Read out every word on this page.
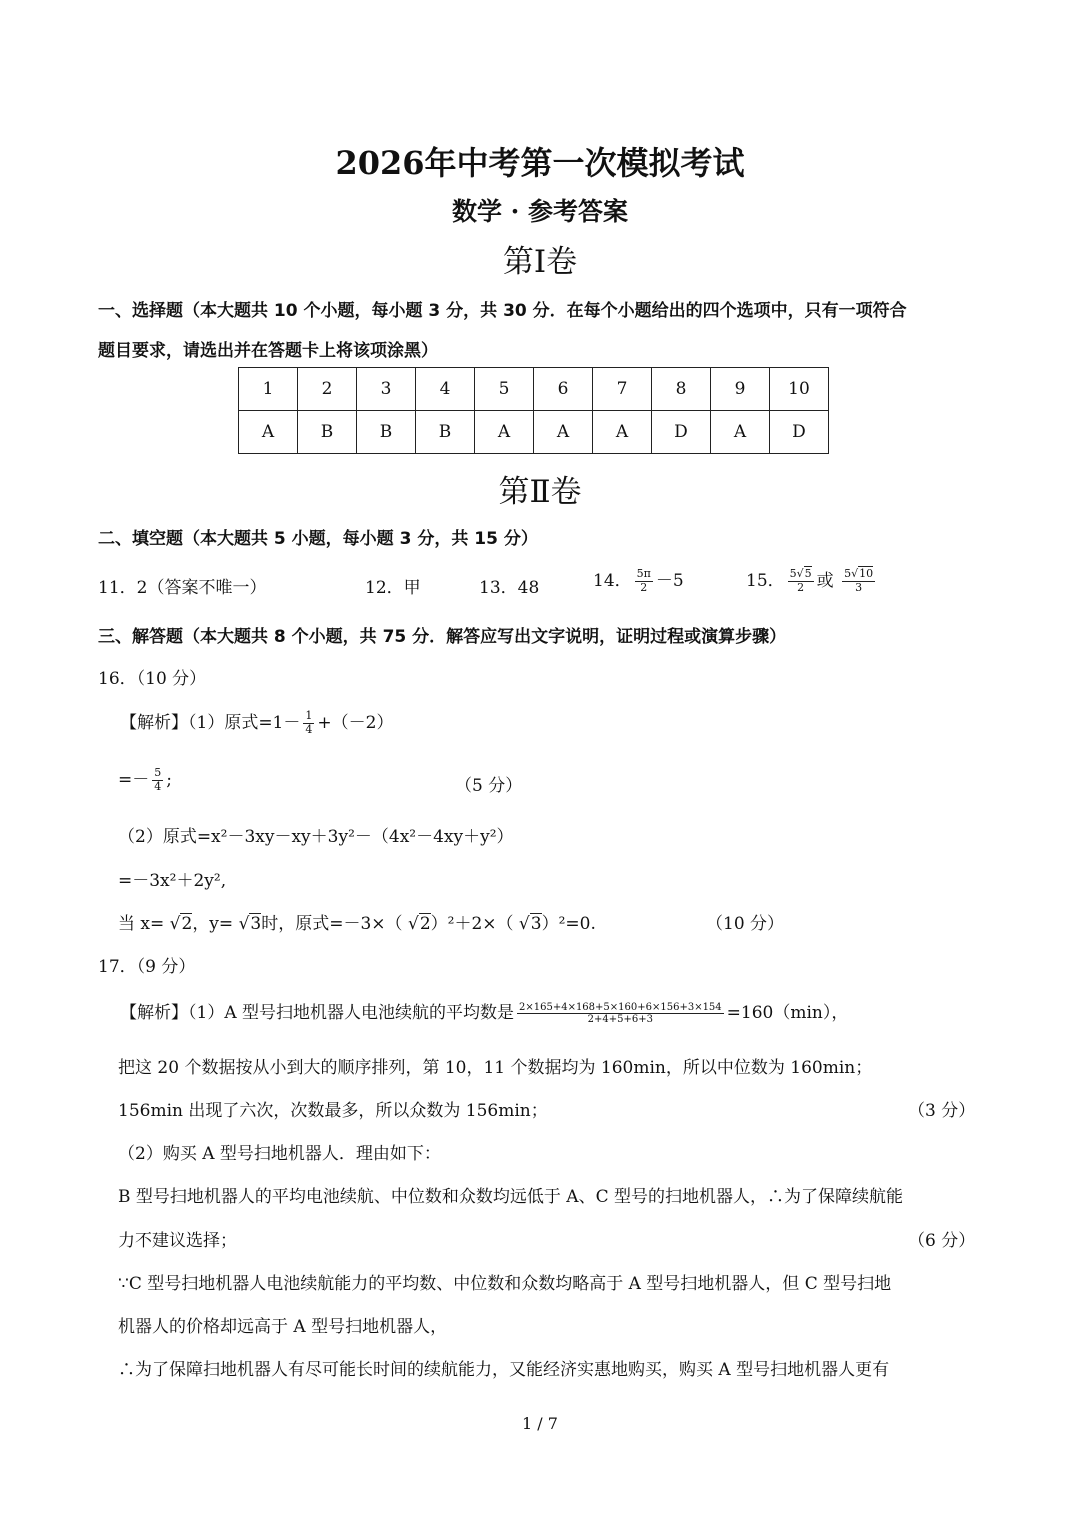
2026年中考第一次模拟考试
数学 · 参考答案
第Ⅰ卷
一、选择题（本大题共 10 个小题，每小题 3 分，共 30 分．在每个小题给出的四个选项中，只有一项符合
题目要求，请选出并在答题卡上将该项涂黑）
1	2	3	4	5	6	7	8	9	10
A	B	B	B	A	A	A	D	A	D
第Ⅱ卷
二、填空题（本大题共 5 小题，每小题 3 分，共 15 分）
11．2（答案不唯一）	12．甲	13．48	14． $\frac{5\pi}{2} -5$	15． $\frac{5√5}{2}$ 或 $\frac{5√10}{3}$
三、解答题（本大题共 8 个小题，共 75 分．解答应写出文字说明，证明过程或演算步骤）
16．（10 分）
【解析】（1）原式$=1- \frac{1}{4} +(-2)$
=－ $\frac{5}{4}$ ;	（5 分）
（2）原式=x²－3xy－xy＋3y²－（4x²－4xy＋y²）
=－3x²＋2y²,
当 x= √2，y= √3时，原式=－3×（ √2）²＋2×（ √3）²=0.	（10 分）
17．（9 分）
【解析】（1）A 型号扫地机器人电池续航的平均数是 $\frac{2\times 165+4\times 168+5\times 160+6\times 156+3\times 154}{2+4+5+6+3} =160(\min)$，
把这 20 个数据按从小到大的顺序排列，第 10，11 个数据均为 160min，所以中位数为 160min；
156min 出现了六次，次数最多，所以众数为 156min；	（3 分）
（2）购买 A 型号扫地机器人．理由如下：
B 型号扫地机器人的平均电池续航、中位数和众数均远低于 A、C 型号的扫地机器人，∴为了保障续航能
力不建议选择；	（6 分）
∵C 型号扫地机器人电池续航能力的平均数、中位数和众数均略高于 A 型号扫地机器人，但 C 型号扫地
机器人的价格却远高于 A 型号扫地机器人，
∴为了保障扫地机器人有尽可能长时间的续航能力，又能经济实惠地购买，购买 A 型号扫地机器人更有
1 / 7
